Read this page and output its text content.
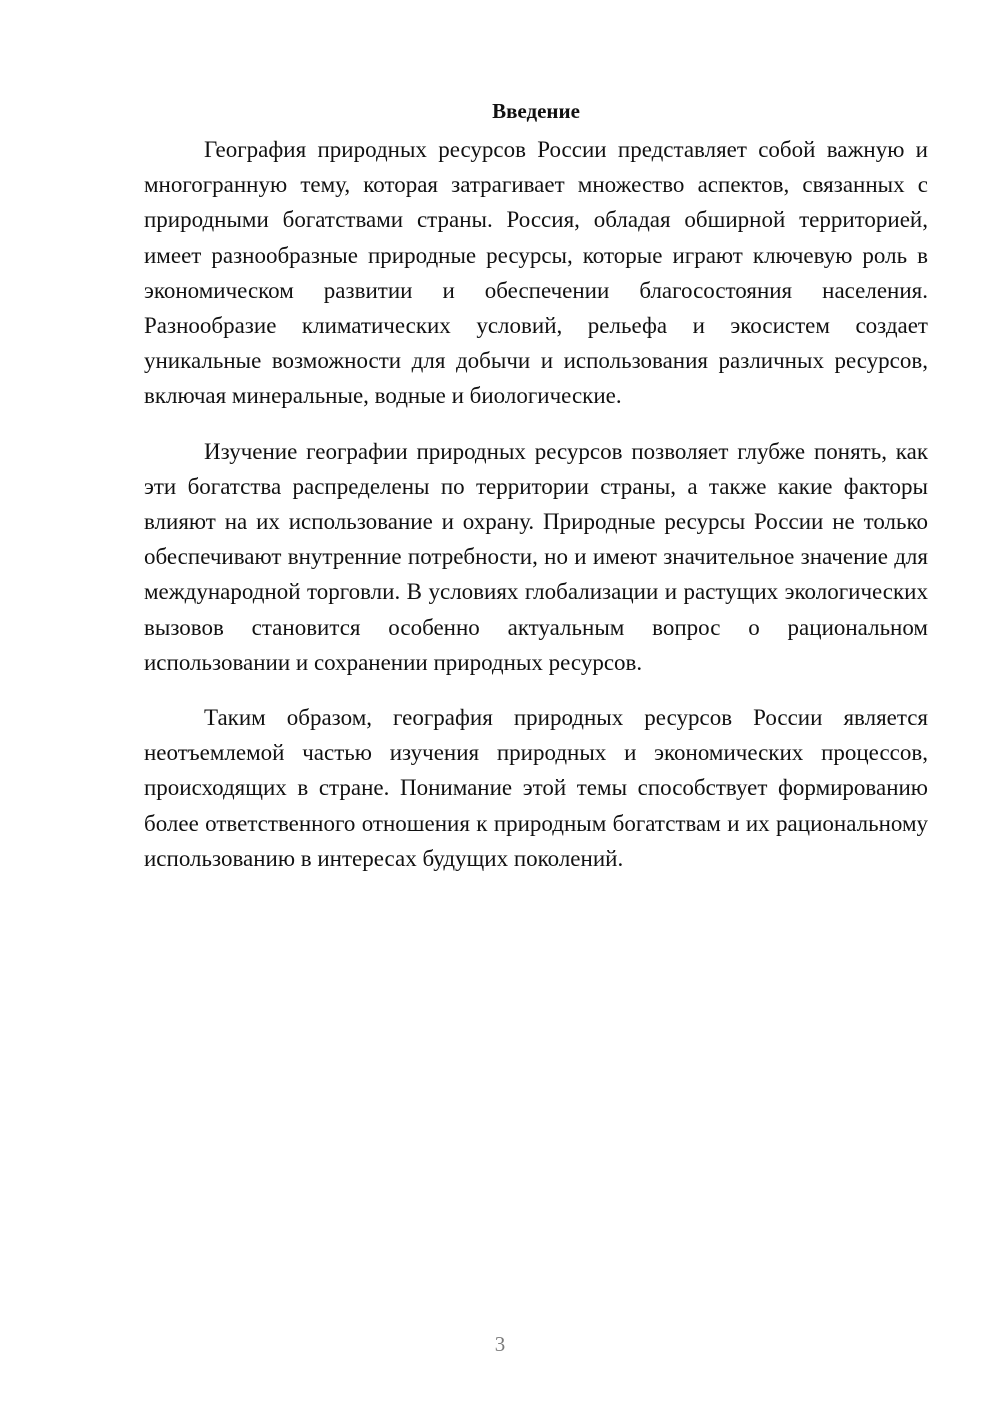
Введение

География природных ресурсов России представляет собой важную и многогранную тему, которая затрагивает множество аспектов, связанных с природными богатствами страны. Россия, обладая обширной территорией, имеет разнообразные природные ресурсы, которые играют ключевую роль в экономическом развитии и обеспечении благосостояния населения. Разнообразие климатических условий, рельефа и экосистем создает уникальные возможности для добычи и использования различных ресурсов, включая минеральные, водные и биологические.

Изучение географии природных ресурсов позволяет глубже понять, как эти богатства распределены по территории страны, а также какие факторы влияют на их использование и охрану. Природные ресурсы России не только обеспечивают внутренние потребности, но и имеют значительное значение для международной торговли. В условиях глобализации и растущих экологических вызовов становится особенно актуальным вопрос о рациональном использовании и сохранении природных ресурсов.

Таким образом, география природных ресурсов России является неотъемлемой частью изучения природных и экономических процессов, происходящих в стране. Понимание этой темы способствует формированию более ответственного отношения к природным богатствам и их рациональному использованию в интересах будущих поколений.

3
